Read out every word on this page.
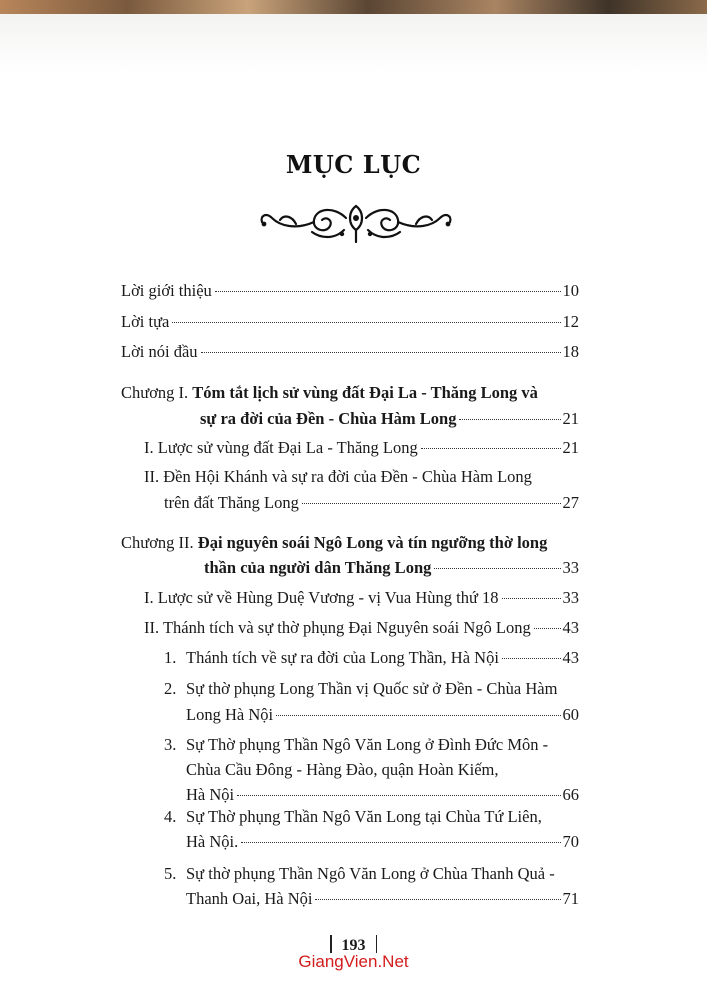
MỤC LỤC
Lời giới thiệu	10
Lời tựa	12
Lời nói đầu	18
Chương I. Tóm tắt lịch sử vùng đất Đại La - Thăng Long và
sự ra đời của Đền - Chùa Hàm Long	21
I. Lược sử vùng đất Đại La - Thăng Long	21
II. Đền Hội Khánh và sự ra đời của Đền - Chùa Hàm Long
trên đất Thăng Long	27
Chương II. Đại nguyên soái Ngô Long và tín ngưỡng thờ long
thần của người dân Thăng Long	33
I. Lược sử về Hùng Duệ Vương - vị Vua Hùng thứ 18	33
II. Thánh tích và sự thờ phụng Đại Nguyên soái Ngô Long 43
1. Thánh tích về sự ra đời của Long Thần, Hà Nội	43
2. Sự thờ phụng Long Thần vị Quốc sử ở Đền - Chùa Hàm
Long Hà Nội	60
3. Sự Thờ phụng Thần Ngô Văn Long ở Đình Đức Môn -
Chùa Cầu Đông - Hàng Đào, quận Hoàn Kiếm,
Hà Nội	66
4. Sự Thờ phụng Thần Ngô Văn Long tại Chùa Tứ Liên,
Hà Nội.	70
5. Sự thờ phụng Thần Ngô Văn Long ở Chùa Thanh Quả -
Thanh Oai, Hà Nội	71
193
GiangVien.Net
